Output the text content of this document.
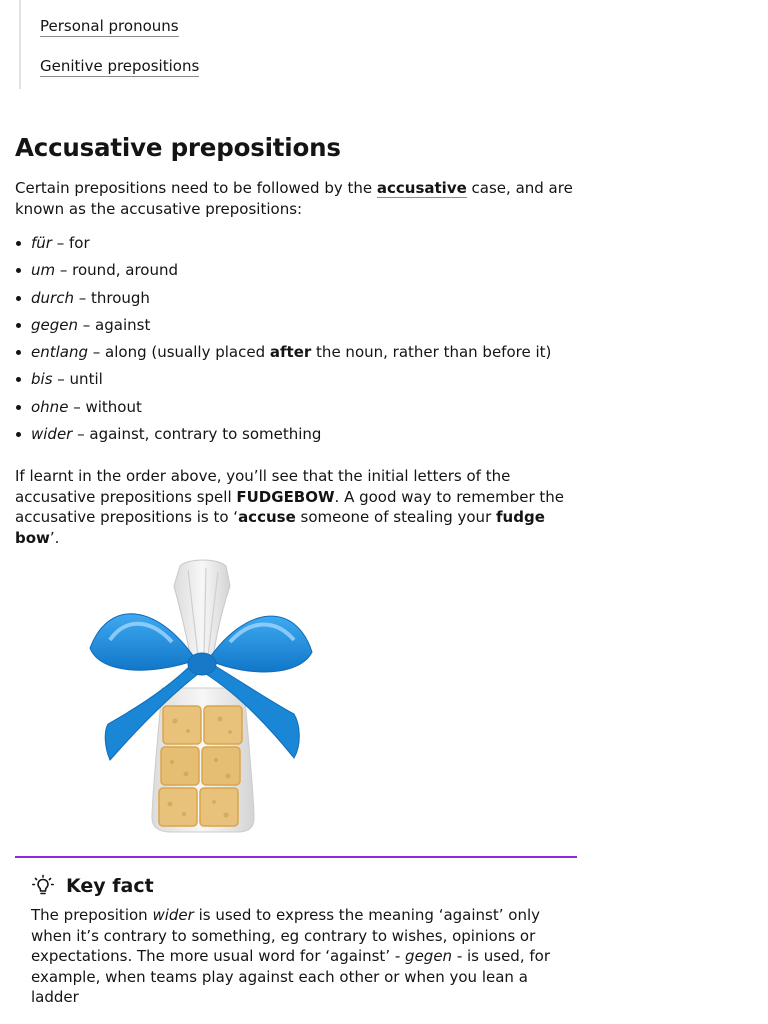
Personal pronouns
Genitive prepositions
Accusative prepositions

Certain prepositions need to be followed by the accusative case, and are known as the accusative prepositions:

für – for
um – round, around
durch – through
gegen – against
entlang – along (usually placed after the noun, rather than before it)
bis – until
ohne – without
wider – against, contrary to something

If learnt in the order above, you’ll see that the initial letters of the accusative prepositions spell FUDGEBOW. A good way to remember the accusative prepositions is to ‘accuse someone of stealing your fudge bow’.

Key fact

The preposition wider is used to express the meaning ‘against’ only when it’s contrary to something, eg contrary to wishes, opinions or expectations. The more usual word for ‘against’ - gegen - is used, for example, when teams play against each other or when you lean a ladder
